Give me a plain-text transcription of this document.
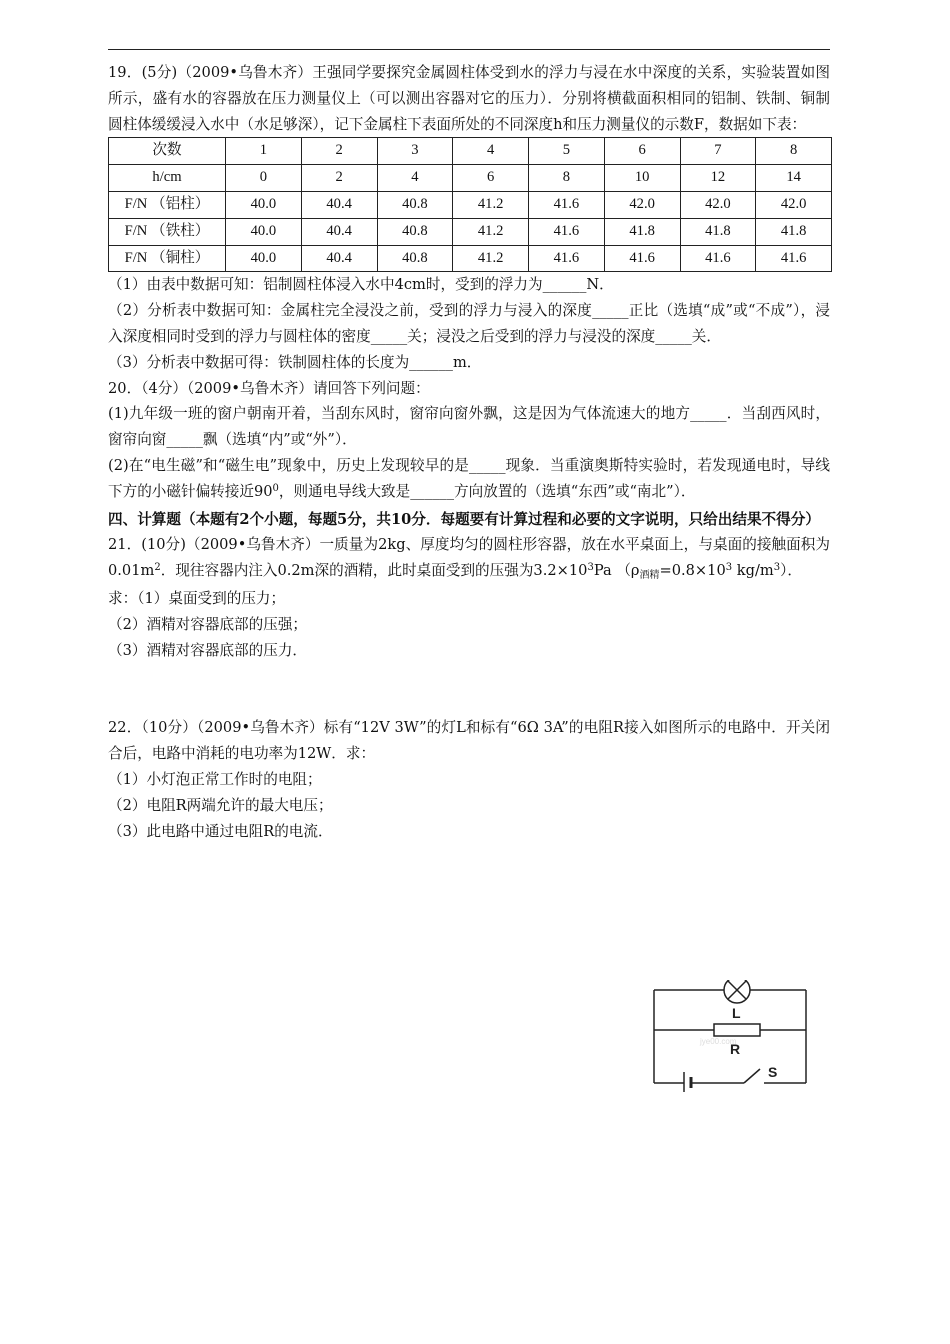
19．(5分)（2009•乌鲁木齐）王强同学要探究金属圆柱体受到水的浮力与浸在水中深度的关系，实验装置如图所示，盛有水的容器放在压力测量仪上（可以测出容器对它的压力）．分别将横截面积相同的铝制、铁制、铜制圆柱体缓缓浸入水中（水足够深），记下金属柱下表面所处的不同深度h和压力测量仪的示数F，数据如下表：

次数	1	2	3	4	5	6	7	8
h/cm	0	2	4	6	8	10	12	14
F/N （铝柱）	40.0	40.4	40.8	41.2	41.6	42.0	42.0	42.0
F/N （铁柱）	40.0	40.4	40.8	41.2	41.6	41.8	41.8	41.8
F/N （铜柱）	40.0	40.4	40.8	41.2	41.6	41.6	41.6	41.6

（1）由表中数据可知：铝制圆柱体浸入水中4cm时，受到的浮力为______N．

（2）分析表中数据可知：金属柱完全浸没之前，受到的浮力与浸入的深度_____正比（选填“成”或“不成”），浸入深度相同时受到的浮力与圆柱体的密度_____关；浸没之后受到的浮力与浸没的深度_____关．

（3）分析表中数据可得：铁制圆柱体的长度为______m．

20．（4分）（2009•乌鲁木齐）请回答下列问题：

(1)九年级一班的窗户朝南开着，当刮东风时，窗帘向窗外飘，这是因为气体流速大的地方_____．当刮西风时，窗帘向窗_____飘（选填“内”或“外”）．

(2)在“电生磁”和“磁生电”现象中，历史上发现较早的是_____现象．当重演奥斯特实验时，若发现通电时，导线下方的小磁针偏转接近$90^0$，则通电导线大致是______方向放置的（选填“东西”或“南北”）．

四、计算题（本题有2个小题，每题5分，共10分．每题要有计算过程和必要的文字说明，只给出结果不得分）

21．(10分)（2009•乌鲁木齐）一质量为2kg、厚度均匀的圆柱形容器，放在水平桌面上，与桌面的接触面积为$0.01m^2$．现往容器内注入0.2m深的酒精，此时桌面受到的压强为$3.2\times 10^3Pa$ （$\rho_{酒精}=0.8\times 10^3$ $kg/m^3$）．

求：（1）桌面受到的压力；

（2）酒精对容器底部的压强；

（3）酒精对容器底部的压力．

22．（10分）（2009•乌鲁木齐）标有“12V 3W”的灯L和标有“6Ω 3A”的电阻R接入如图所示的电路中．开关闭合后，电路中消耗的电功率为12W．求：

（1）小灯泡正常工作时的电阻；

（2）电阻R两端允许的最大电压；

（3）此电路中通过电阻R的电流．

L
R
jye00.com
S
